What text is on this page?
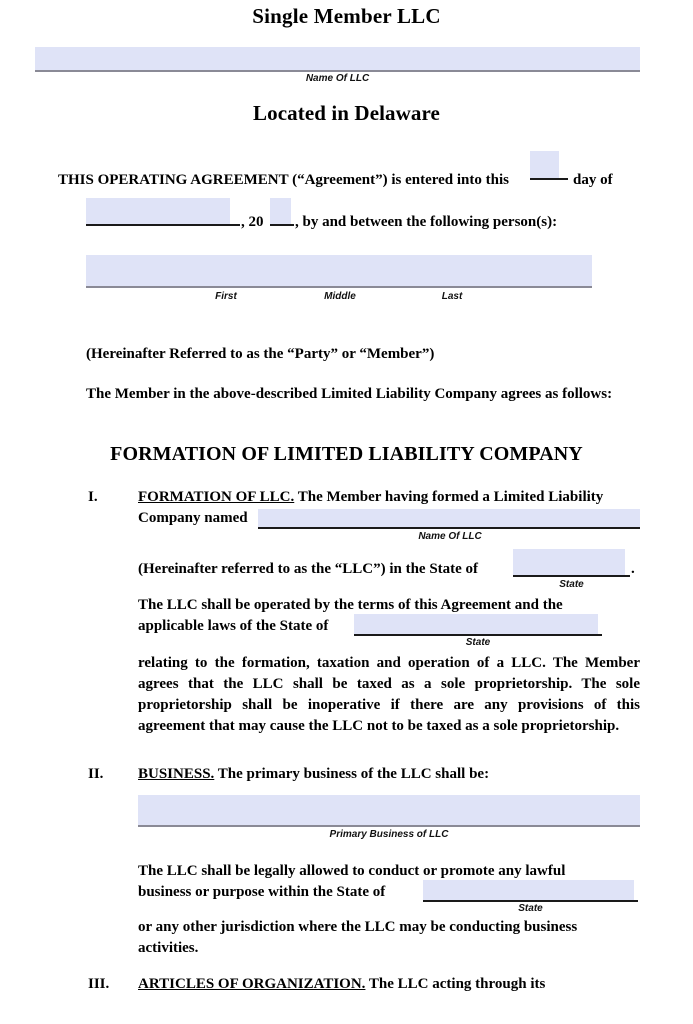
Single Member LLC
Name Of LLC
Located in Delaware
THIS OPERATING AGREEMENT (“Agreement”) is entered into this	day of
, 20 , by and between the following person(s):
First	Middle	Last
(Hereinafter Referred to as the “Party” or “Member”)
The Member in the above-described Limited Liability Company agrees as follows:
FORMATION OF LIMITED LIABILITY COMPANY
I.	FORMATION OF LLC. The Member having formed a Limited Liability
Company named
Name Of LLC
(Hereinafter referred to as the “LLC”) in the State of	.
State
The LLC shall be operated by the terms of this Agreement and the
applicable laws of the State of
State
relating to the formation, taxation and operation of a LLC. The Member agrees that the LLC shall be taxed as a sole proprietorship. The sole proprietorship shall be inoperative if there are any provisions of this agreement that may cause the LLC not to be taxed as a sole proprietorship.
II. BUSINESS. The primary business of the LLC shall be:
Primary Business of LLC
The LLC shall be legally allowed to conduct or promote any lawful
business or purpose within the State of
State
or any other jurisdiction where the LLC may be conducting business
activities.
III. ARTICLES OF ORGANIZATION. The LLC acting through its
